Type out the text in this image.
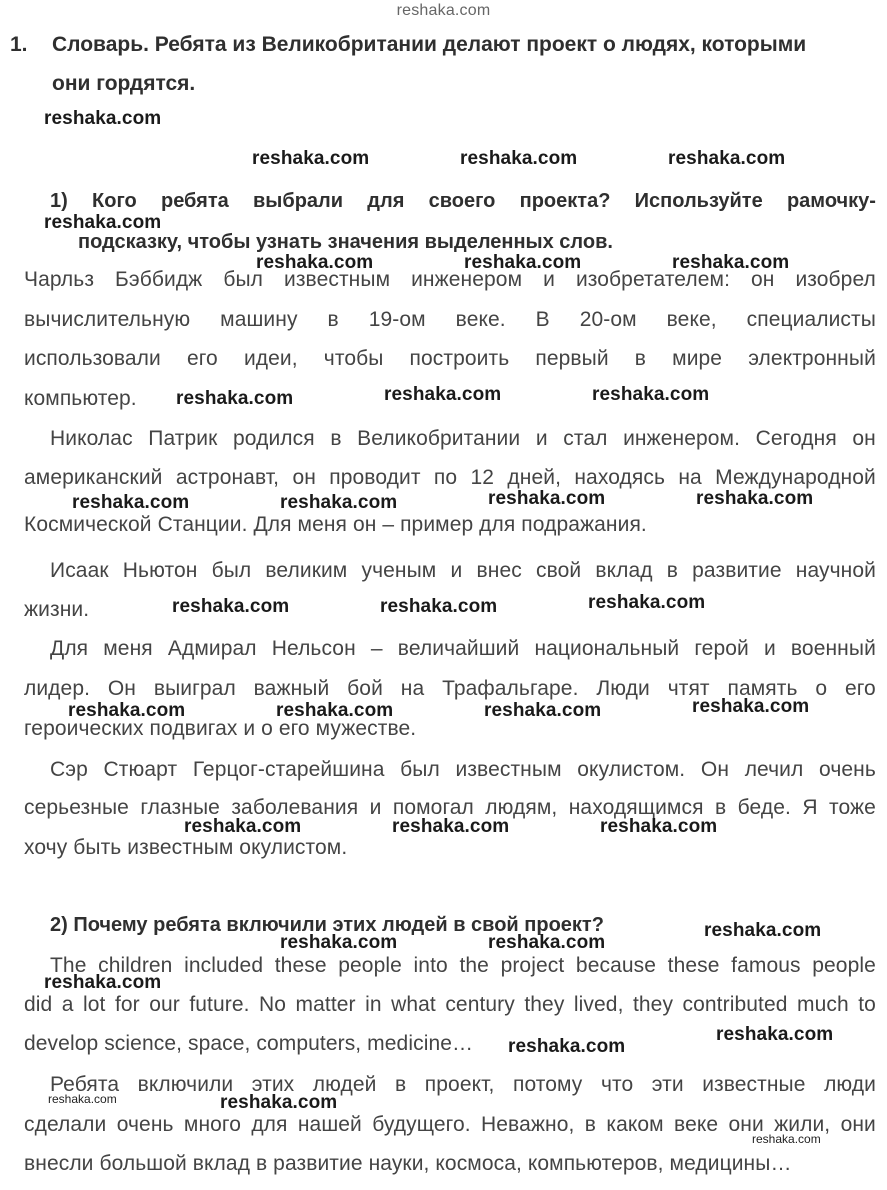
reshaka.com
1. Словарь. Ребята из Великобритании делают проект о людях, которыми
они гордятся.
1) Кого ребята выбрали для своего проекта? Используйте рамочку-
подсказку, чтобы узнать значения выделенных слов.
Чарльз Бэббидж был известным инженером и изобретателем: он изобрел
вычислительную машину в 19-ом веке. В 20-ом веке, специалисты
использовали его идеи, чтобы построить первый в мире электронный
компьютер.
Николас Патрик родился в Великобритании и стал инженером. Сегодня он
американский астронавт, он проводит по 12 дней, находясь на Международной
Космической Станции. Для меня он – пример для подражания.
Исаак Ньютон был великим ученым и внес свой вклад в развитие научной
жизни.
Для меня Адмирал Нельсон – величайший национальный герой и военный
лидер. Он выиграл важный бой на Трафальгаре. Люди чтят память о его
героических подвигах и о его мужестве.
Сэр Стюарт Герцог-старейшина был известным окулистом. Он лечил очень
серьезные глазные заболевания и помогал людям, находящимся в беде. Я тоже
хочу быть известным окулистом.
2) Почему ребята включили этих людей в свой проект?
The children included these people into the project because these famous people
did a lot for our future. No matter in what century they lived, they contributed much to
develop science, space, computers, medicine…
Ребята включили этих людей в проект, потому что эти известные люди
сделали очень много для нашей будущего. Неважно, в каком веке они жили, они
внесли большой вклад в развитие науки, космоса, компьютеров, медицины…
reshaka.com
reshaka.com	reshaka.com	reshaka.com
reshaka.com
reshaka.com	reshaka.com	reshaka.com
reshaka.com	reshaka.com	reshaka.com
reshaka.com	reshaka.com	reshaka.com	reshaka.com
reshaka.com	reshaka.com	reshaka.com
reshaka.com	reshaka.com	reshaka.com	reshaka.com
reshaka.com	reshaka.com	reshaka.com
reshaka.com
reshaka.com	reshaka.com
reshaka.com
reshaka.com
reshaka.com
reshaka.com
reshaka.com
reshaka.com
